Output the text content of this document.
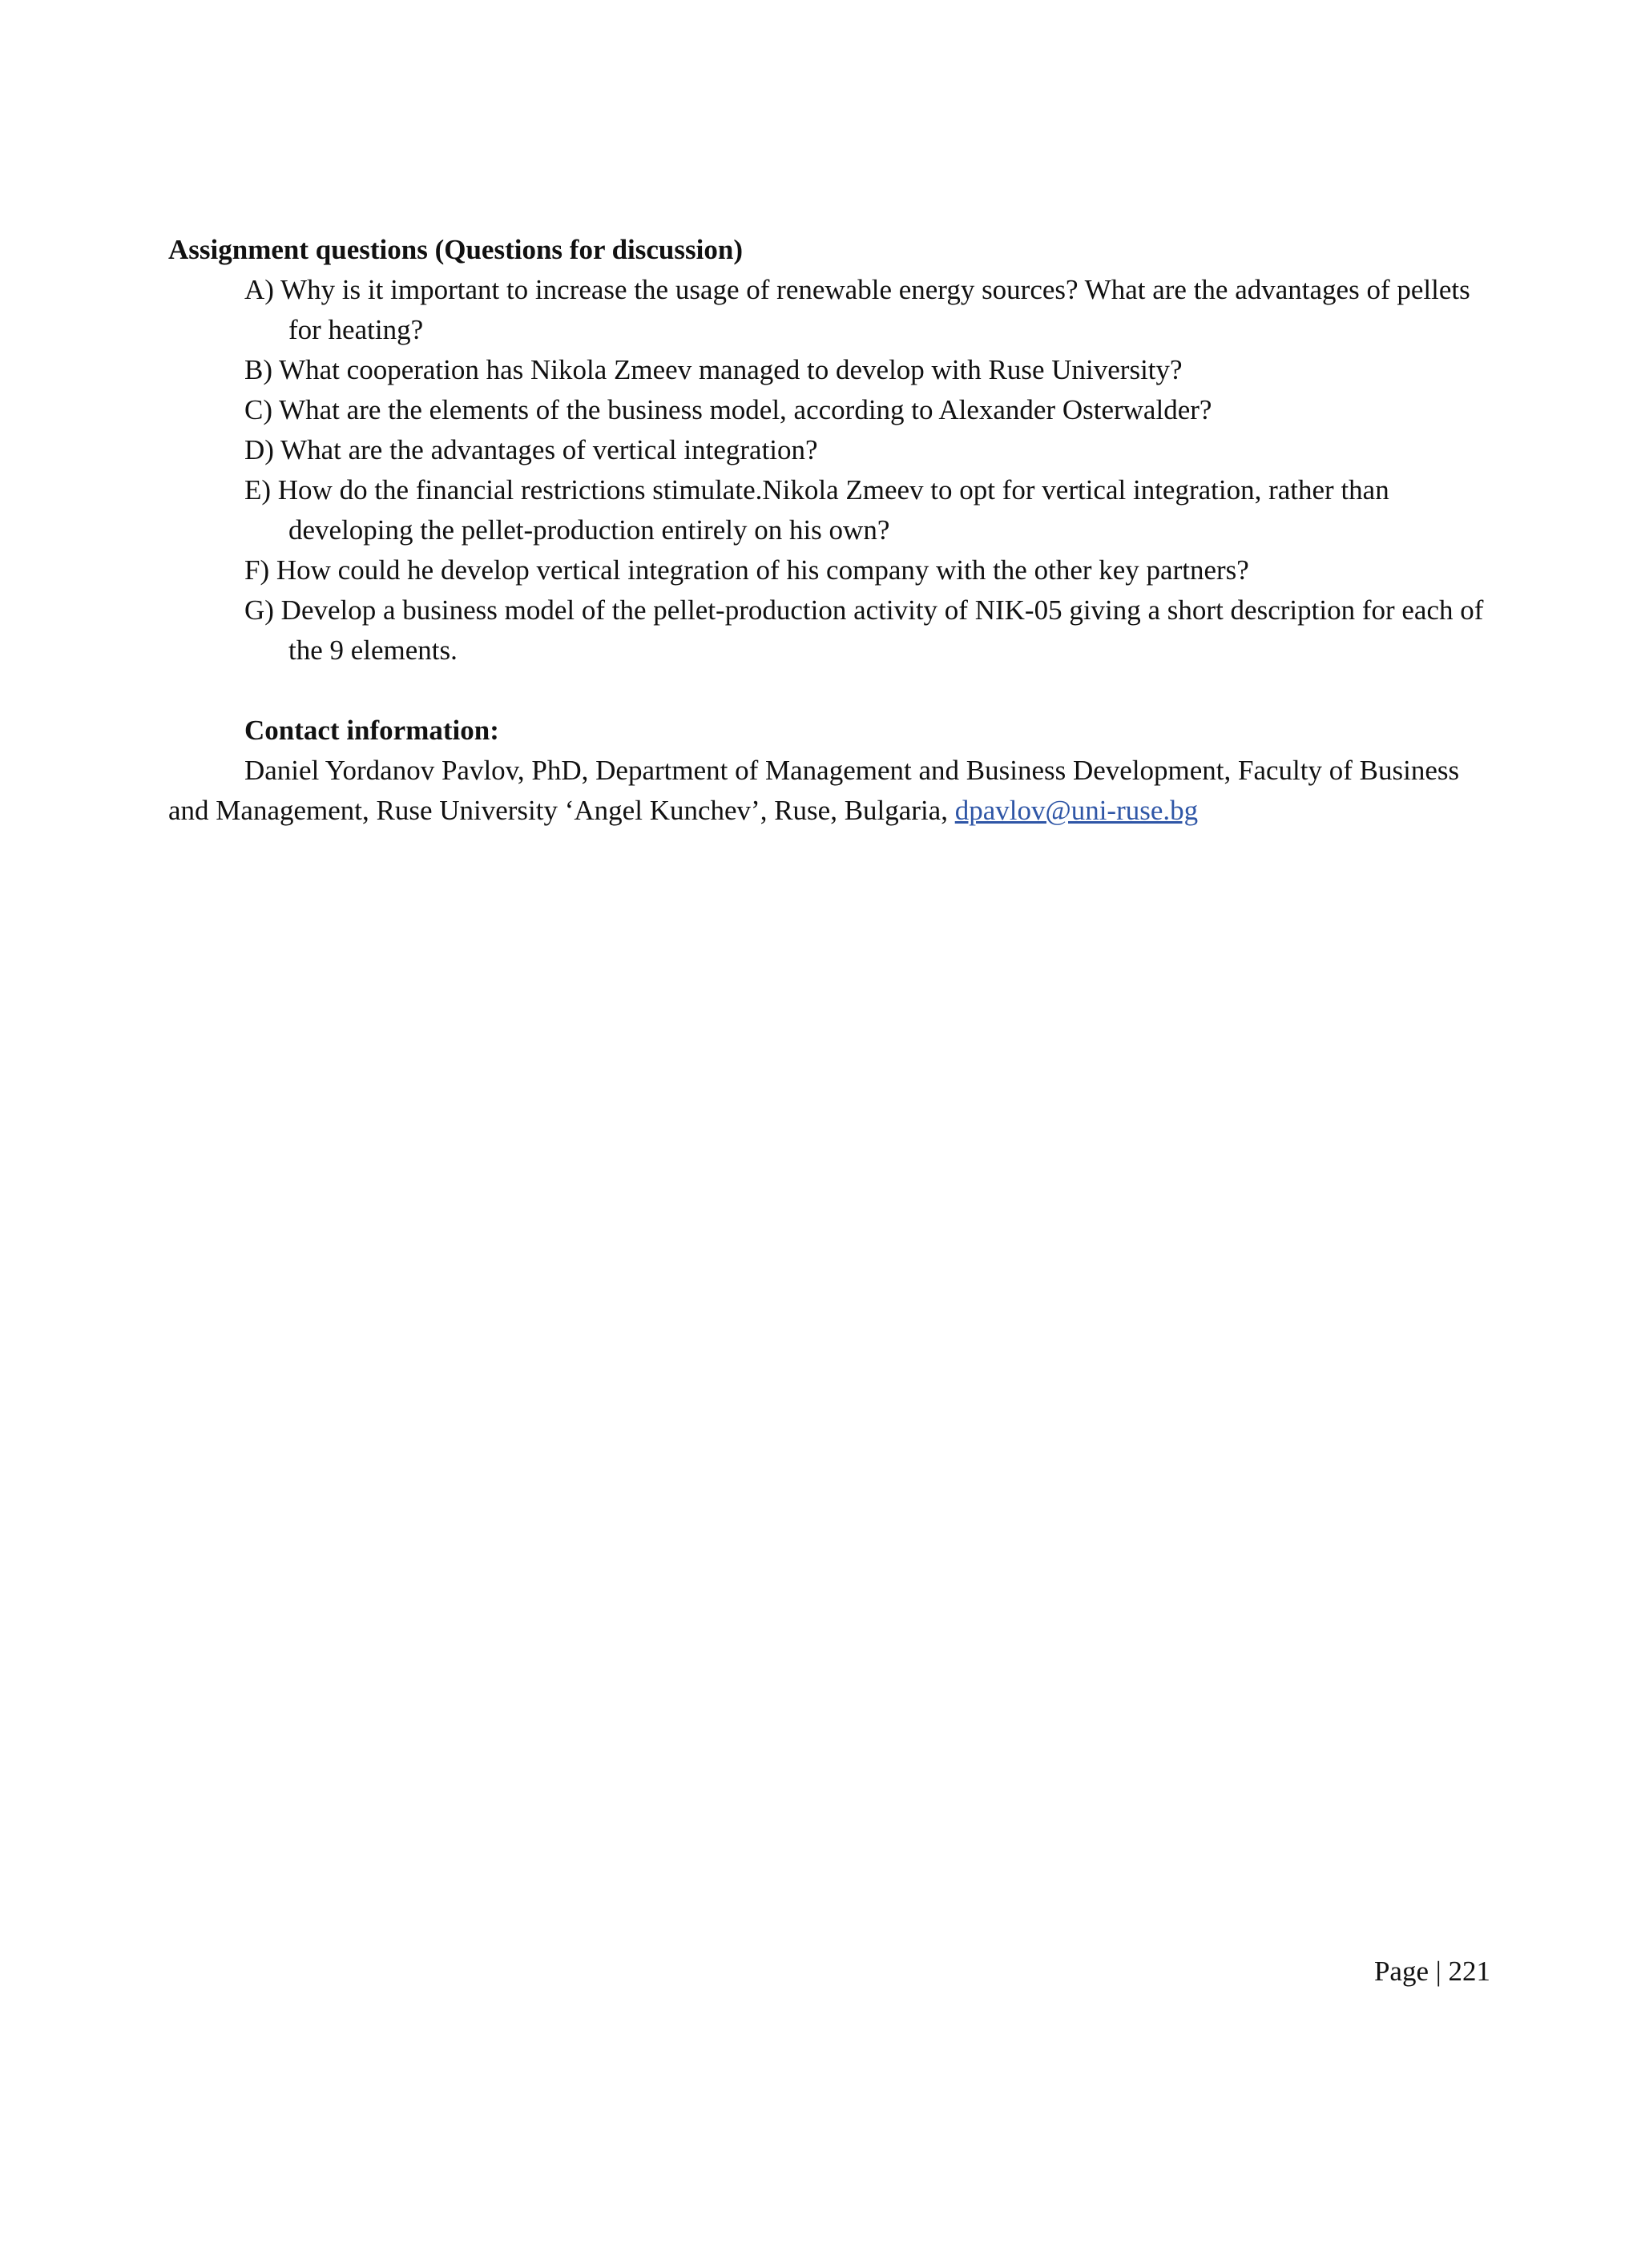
Assignment questions (Questions for discussion)

A) Why is it important to increase the usage of renewable energy sources? What are the advantages of pellets for heating?
B) What cooperation has Nikola Zmeev managed to develop with Ruse University?
C) What are the elements of the business model, according to Alexander Osterwalder?
D) What are the advantages of vertical integration?
E) How do the financial restrictions stimulate.Nikola Zmeev to opt for vertical integration, rather than developing the pellet-production entirely on his own?
F) How could he develop vertical integration of his company with the other key partners?
G) Develop a business model of the pellet-production activity of NIK-05 giving a short description for each of the 9 elements.

Contact information:

Daniel Yordanov Pavlov, PhD, Department of Management and Business Development, Faculty of Business and Management, Ruse University ‘Angel Kunchev’, Ruse, Bulgaria, dpavlov@uni-ruse.bg

Page | 221
